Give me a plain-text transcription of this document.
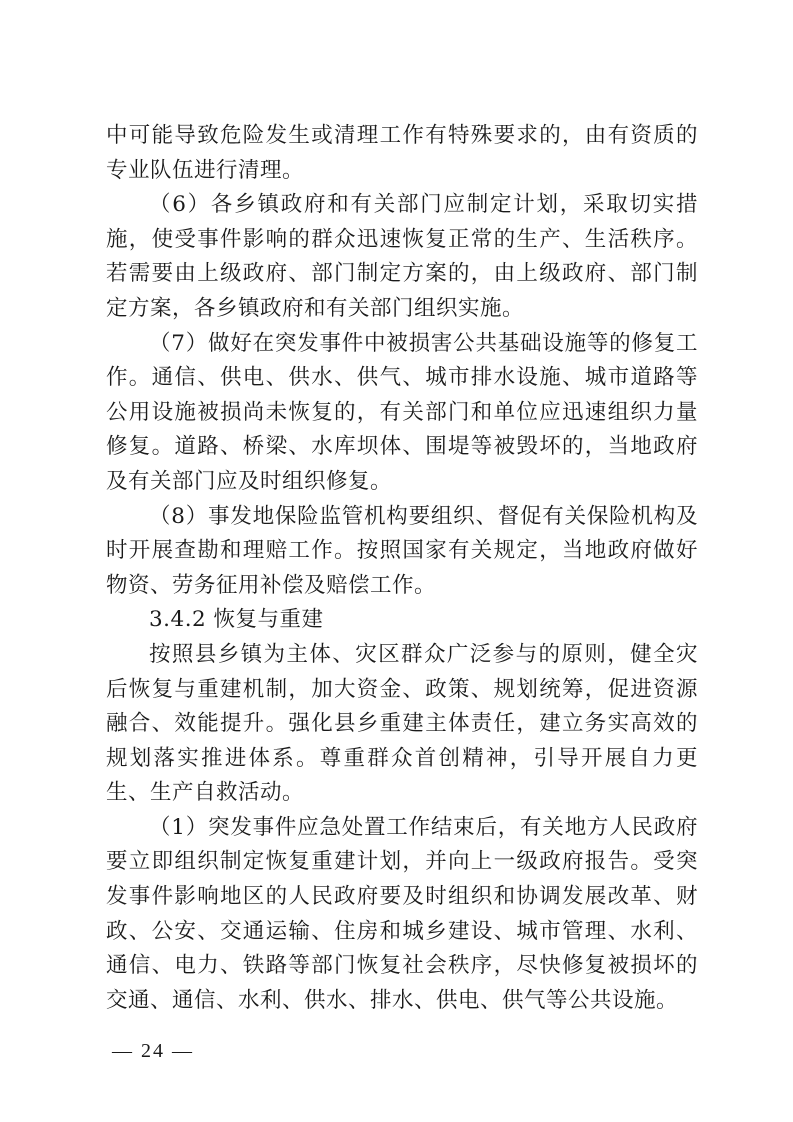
中可能导致危险发生或清理工作有特殊要求的，由有资质的专业队伍进行清理。

（6）各乡镇政府和有关部门应制定计划，采取切实措施，使受事件影响的群众迅速恢复正常的生产、生活秩序。若需要由上级政府、部门制定方案的，由上级政府、部门制定方案，各乡镇政府和有关部门组织实施。

（7）做好在突发事件中被损害公共基础设施等的修复工作。通信、供电、供水、供气、城市排水设施、城市道路等公用设施被损尚未恢复的，有关部门和单位应迅速组织力量修复。道路、桥梁、水库坝体、围堤等被毁坏的，当地政府及有关部门应及时组织修复。

（8）事发地保险监管机构要组织、督促有关保险机构及时开展查勘和理赔工作。按照国家有关规定，当地政府做好物资、劳务征用补偿及赔偿工作。

3.4.2 恢复与重建

按照县乡镇为主体、灾区群众广泛参与的原则，健全灾后恢复与重建机制，加大资金、政策、规划统筹，促进资源融合、效能提升。强化县乡重建主体责任，建立务实高效的规划落实推进体系。尊重群众首创精神，引导开展自力更生、生产自救活动。

（1）突发事件应急处置工作结束后，有关地方人民政府要立即组织制定恢复重建计划，并向上一级政府报告。受突发事件影响地区的人民政府要及时组织和协调发展改革、财政、公安、交通运输、住房和城乡建设、城市管理、水利、通信、电力、铁路等部门恢复社会秩序，尽快修复被损坏的交通、通信、水利、供水、排水、供电、供气等公共设施。

— 24 —
